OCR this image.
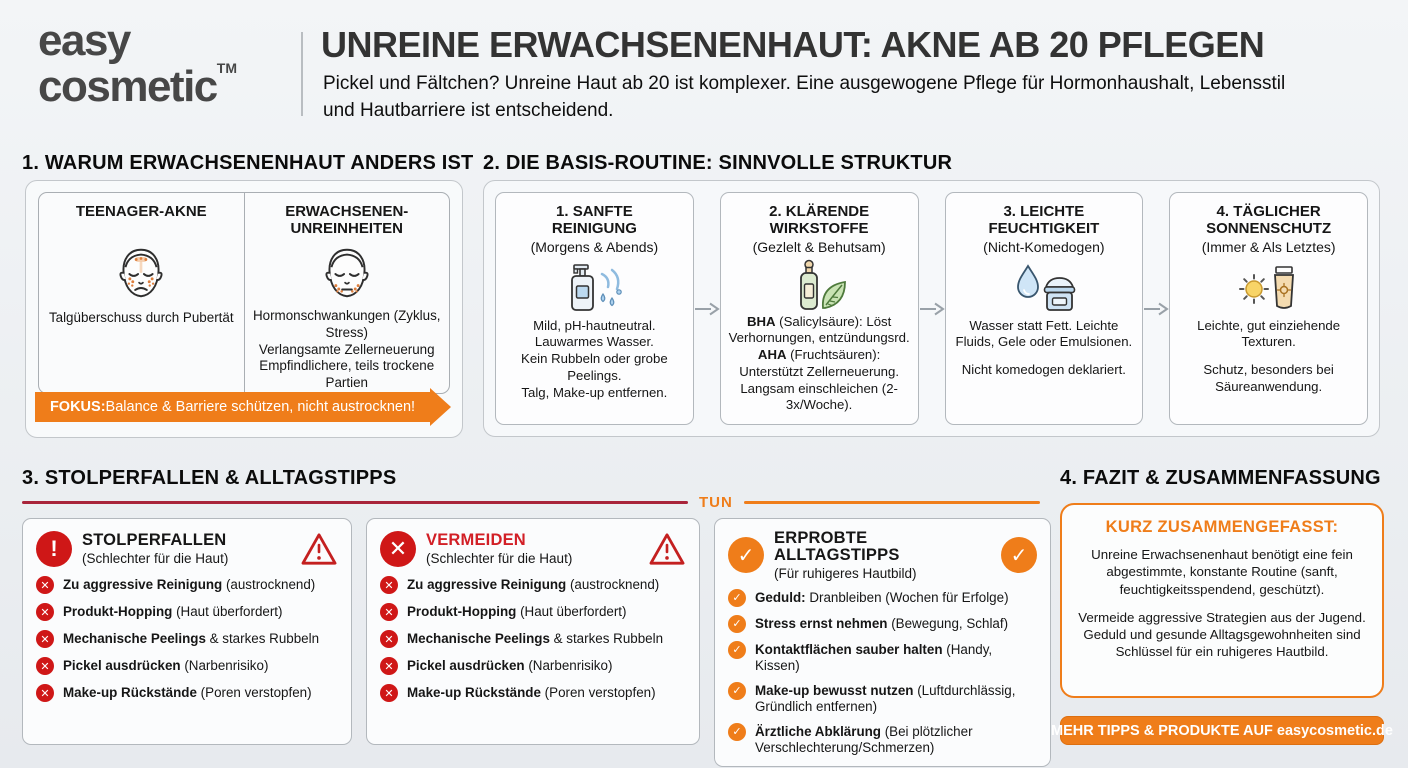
easy
cosmetic™
UNREINE ERWACHSENENHAUT: AKNE AB 20 PFLEGEN
Pickel und Fältchen? Unreine Haut ab 20 ist komplexer. Eine ausgewogene Pflege für Hormonhaushalt, Lebensstil und Hautbarriere ist entscheidend.
1. WARUM ERWACHSENENHAUT ANDERS IST
TEENAGER-AKNE
Talgüberschuss durch Pubertät
ERWACHSENEN-UNREINHEITEN
Hormonschwankungen (Zyklus, Stress)
Verlangsamte Zellerneuerung
Empfindlichere, teils trockene Partien
FOKUS: Balance & Barriere schützen, nicht austrocknen!
2. DIE BASIS-ROUTINE: SINNVOLLE STRUKTUR
1. SANFTE REINIGUNG
(Morgens & Abends)
Mild, pH-hautneutral.
Lauwarmes Wasser.
Kein Rubbeln oder grobe Peelings.
Talg, Make-up entfernen.
2. KLÄRENDE WIRKSTOFFE
(Gezlelt & Behutsam)
BHA (Salicylsäure): Löst Verhornungen, entzündungsrd.
AHA (Fruchtsäuren): Unterstützt Zellerneuerung.
Langsam einschleichen (2-3x/Woche).
3. LEICHTE FEUCHTIGKEIT
(Nicht-Komedogen)
Wasser statt Fett. Leichte Fluids, Gele oder Emulsionen.
Nicht komedogen deklariert.
4. TÄGLICHER SONNENSCHUTZ
(Immer & Als Letztes)
Leichte, gut einziehende Texturen.
Schutz, besonders bei Säureanwendung.
3. STOLPERFALLEN & ALLTAGSTIPPS
TUN
!	STOLPERFALLEN
(Schlechter für die Haut)
✕ Zu aggressive Reinigung (austrocknend)
✕ Produkt-Hopping (Haut überfordert)
✕ Mechanische Peelings & starkes Rubbeln
✕ Pickel ausdrücken (Narbenrisiko)
✕ Make-up Rückstände (Poren verstopfen)
✕	VERMEIDEN
(Schlechter für die Haut)
✕ Zu aggressive Reinigung (austrocknend)
✕ Produkt-Hopping (Haut überfordert)
✕ Mechanische Peelings & starkes Rubbeln
✕ Pickel ausdrücken (Narbenrisiko)
✕ Make-up Rückstände (Poren verstopfen)
✓
ERPROBTE ALLTAGSTIPPS
(Für ruhigeres Hautbild)
✓
✓ Geduld: Dranbleiben (Wochen für Erfolge)
✓ Stress ernst nehmen (Bewegung, Schlaf)
✓ Kontaktflächen sauber halten (Handy, Kissen)
✓ Make-up bewusst nutzen (Luftdurchlässig, Gründlich entfernen)
✓ Ärztliche Abklärung (Bei plötzlicher Verschlechterung/Schmerzen)
4. FAZIT & ZUSAMMENFASSUNG
KURZ ZUSAMMENGEFASST:
Unreine Erwachsenenhaut benötigt eine fein abgestimmte, konstante Routine (sanft, feuchtigkeitsspendend, geschützt).
Vermeide aggressive Strategien aus der Jugend. Geduld und gesunde Alltagsgewohnheiten sind Schlüssel für ein ruhigeres Hautbild.
MEHR TIPPS & PRODUKTE AUF easycosmetic.de
